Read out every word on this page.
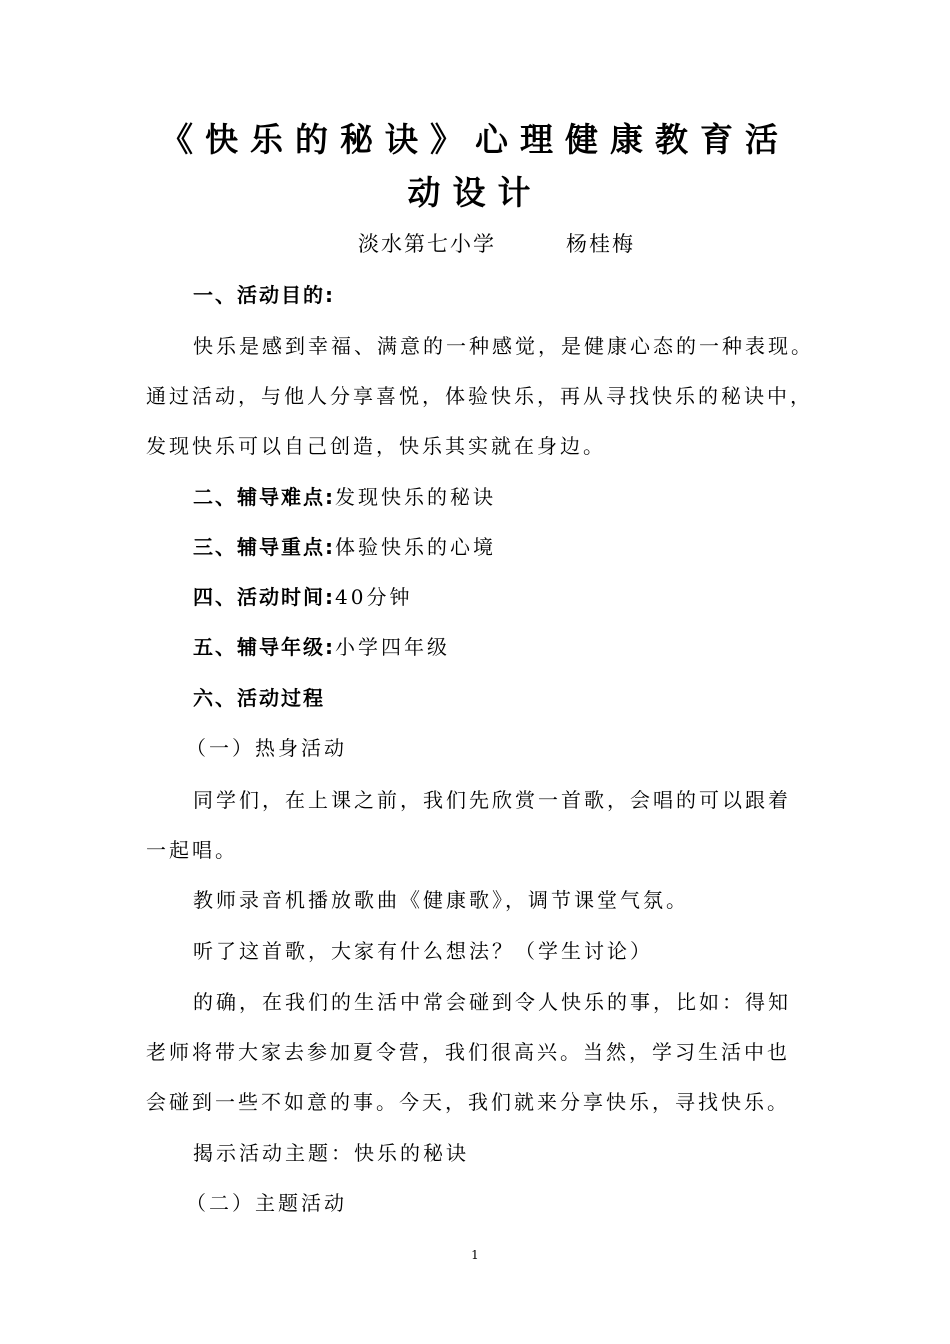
《快乐的秘诀》心理健康教育活
动设计
淡水第七小学	杨桂梅
一、活动目的:
快乐是感到幸福、满意的一种感觉，是健康心态的一种表现。
通过活动，与他人分享喜悦，体验快乐，再从寻找快乐的秘诀中，
发现快乐可以自己创造，快乐其实就在身边。
二、辅导难点:发现快乐的秘诀
三、辅导重点:体验快乐的心境
四、活动时间:40分钟
五、辅导年级:小学四年级
六、活动过程
（一）热身活动
同学们，在上课之前，我们先欣赏一首歌，会唱的可以跟着
一起唱。
教师录音机播放歌曲《健康歌》，调节课堂气氛。
听了这首歌，大家有什么想法？（学生讨论）
的确，在我们的生活中常会碰到令人快乐的事，比如：得知
老师将带大家去参加夏令营，我们很高兴。当然，学习生活中也
会碰到一些不如意的事。今天，我们就来分享快乐，寻找快乐。
揭示活动主题：快乐的秘诀
（二）主题活动
1
